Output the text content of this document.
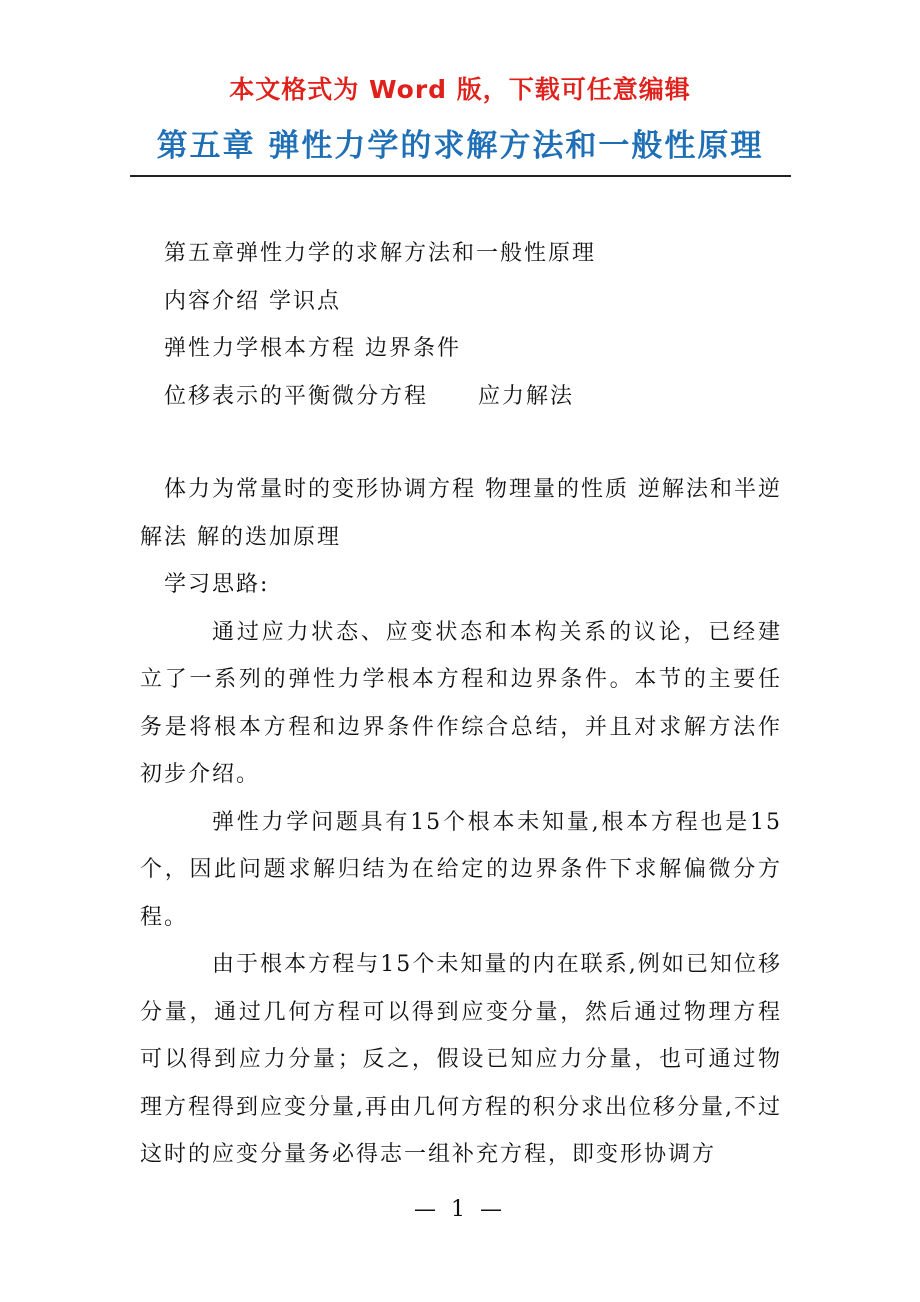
本文格式为 Word 版，下载可任意编辑
第五章 弹性力学的求解方法和一般性原理
第五章弹性力学的求解方法和一般性原理
内容介绍 学识点
弹性力学根本方程 边界条件
位移表示的平衡微分方程 应力解法

体力为常量时的变形协调方程 物理量的性质 逆解法和半逆解法 解的迭加原理

学习思路:

通过应力状态、应变状态和本构关系的议论，已经建立了一系列的弹性力学根本方程和边界条件。本节的主要任务是将根本方程和边界条件作综合总结，并且对求解方法作初步介绍。

弹性力学问题具有15个根本未知量,根本方程也是15个，因此问题求解归结为在给定的边界条件下求解偏微分方程。

由于根本方程与15个未知量的内在联系,例如已知位移分量，通过几何方程可以得到应变分量，然后通过物理方程可以得到应力分量；反之，假设已知应力分量，也可通过物理方程得到应变分量,再由几何方程的积分求出位移分量,不过这时的应变分量务必得志一组补充方程，即变形协调方

— 1 —
